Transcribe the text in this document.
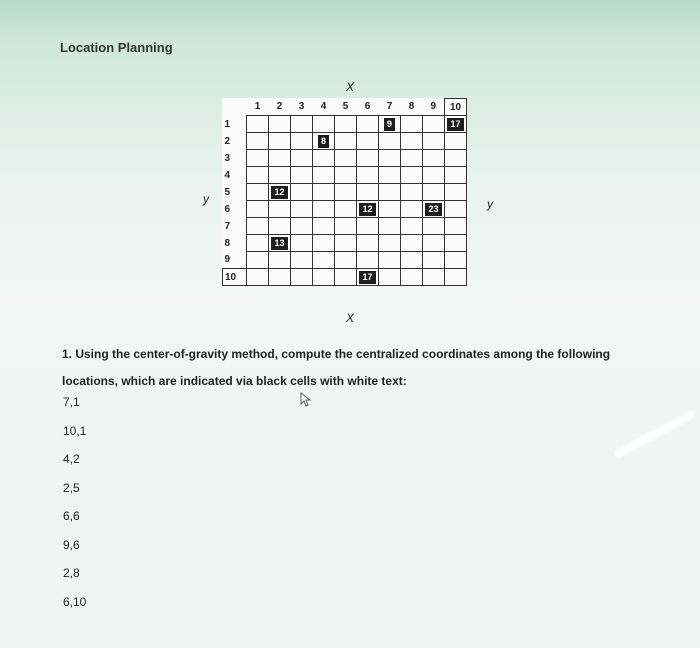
Location Planning
X
X
y	y
	1	2	3	4	5	6	7	8	9	10
1							9			17
2				8						
3										
4										
5		12								
6						12			23	
7										
8		13								
9										
10						17				
1. Using the center-of-gravity method, compute the centralized coordinates among the following locations, which are indicated via black cells with white text:
7,1
10,1
4,2
2,5
6,6
9,6
2,8
6,10
